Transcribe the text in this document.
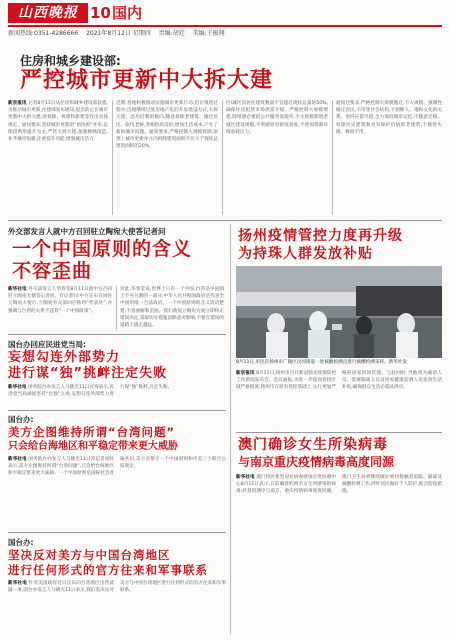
山西晚报 10 国内
新闻热线:0351-4286666 2021年8月12日 星期四 责编:胡廷 美编:王振翔
住房和城乡建设部:
严控城市更新中大拆大建
新京报讯 记者8月11日从住房和城乡建设部获悉,为推动城市更新,住建部发布通知,提出防止在城市更新中大拆大建,对拆除、拆建和新建等作出具体规定。通知要求,坚持城市更新的“留改拆”并举,以保留利用提升为主,严管大拆大建,加强修缮改造,补齐城市短板,注重提升功能,增强城市活力。
近期,各地积极推动实施城市更新行动,但在推进过程中,出现继续过度房地产化的开发建设方式,大拆大建、急功近利的倾向,随意拆除老建筑、搬迁居民、砍伐老树,变相抬高房价,增加生活成本,产生了新的城市问题。通知要求,严格控制大规模拆除,原则上城市更新单元内拆除建筑面积不应大于现状总建筑面积的20%。
区/城区旧居住建筑数量不宜超过现状总量的50%,确保住房租赁市场供需平稳。严格控制大规模增建,除增建必要的公共服务设施外,不大规模新增老城区建设规模,不突破原有密度高度,不增加资源环境承载压力。
通知还要求,严格控制大规模搬迁,不大规模、强制性搬迁居民,不改变社会结构,不割断人、地和文化的关系。坚持应留尽留,全力保持城市记忆,不随意迁移、拆除历史建筑和具有保护价值的老建筑,不脱管失修、修而不用。
外交部发言人就中方召回驻立陶宛大使答记者问
一个中国原则的含义
不容歪曲
新华社电 外交部发言人华春莹8月11日就中方召回驻立陶宛大使答记者问。有记者问:中方宣布召回驻立陶宛大使后,立陶宛外交部回应称将“代表处”,并强调与台湾的关系不违背“一个中国政策”。
对此,华春莹说,世界上只有一个中国,台湾是中国领土不可分割的一部分,中华人民共和国政府是代表全中国的唯一合法政府。一个中国原则的含义清清楚楚,不容曲解和歪曲。我们敦促立陶宛方面立即纠正错误决定,采取切实措施消除恶劣影响,不要在错误的道路上越走越远。
扬州疫情管控力度再升级
为持珠人群发放补贴
8月11日,市民在扬州市广陵区汶河街道一处核酸检测点进行核酸检测采样。新华社发
新京报讯 8月11日,扬州市召开新冠肺炎疫情防控工作新闻发布会。会议通报,为进一步提高管控区域严格程度,扬州市在原有管控基础上,实行更加严格的居家封闭管理。与此同时,当地将为确诊人员、需要隔离人员及居家健康监测人员发放生活补贴,确保群众生活必需品供应。
国台办回应民进党当局:
妄想勾连外部势力
进行谋“独”挑衅注定失败
新华社电 国务院台办发言人马晓光11日应询表示,民进党当局顽固坚持“台独”立场,妄想勾连外部势力进行谋“独”挑衅,注定失败。
国台办:
美方企图维持所谓“台湾问题”
只会给台海地区和平稳定带来更大威胁
新华社电 国务院台办发言人马晓光11日答记者问时表示,美方企图维持所谓“台湾问题”,只会给台海地区和平稳定带来更大威胁。一个中国原则是国际社会普遍共识,美方应恪守一个中国原则和中美三个联合公报规定。
国台办:
坚决反对美方与中国台湾地区
进行任何形式的官方往来和军事联系
新华社电 针对美国政府近日宣布向台湾地区出售武器一事,国台办发言人马晓光11日表示,我们坚决反对美方与中国台湾地区进行任何形式的官方往来和军事联系。
澳门确诊女生所染病毒
与南京重庆疫情病毒高度同源
新华社电 澳门特区新型冠状病毒感染应变协调中心8月11日表示,日前确诊的两名女生所感染的病毒,经基因测序与南京、重庆疫情病毒高度同源。澳门卫生局将继续做好密切接触者追踪、隔离及核酸检测工作,呼吁居民做好个人防护,配合防疫措施。
